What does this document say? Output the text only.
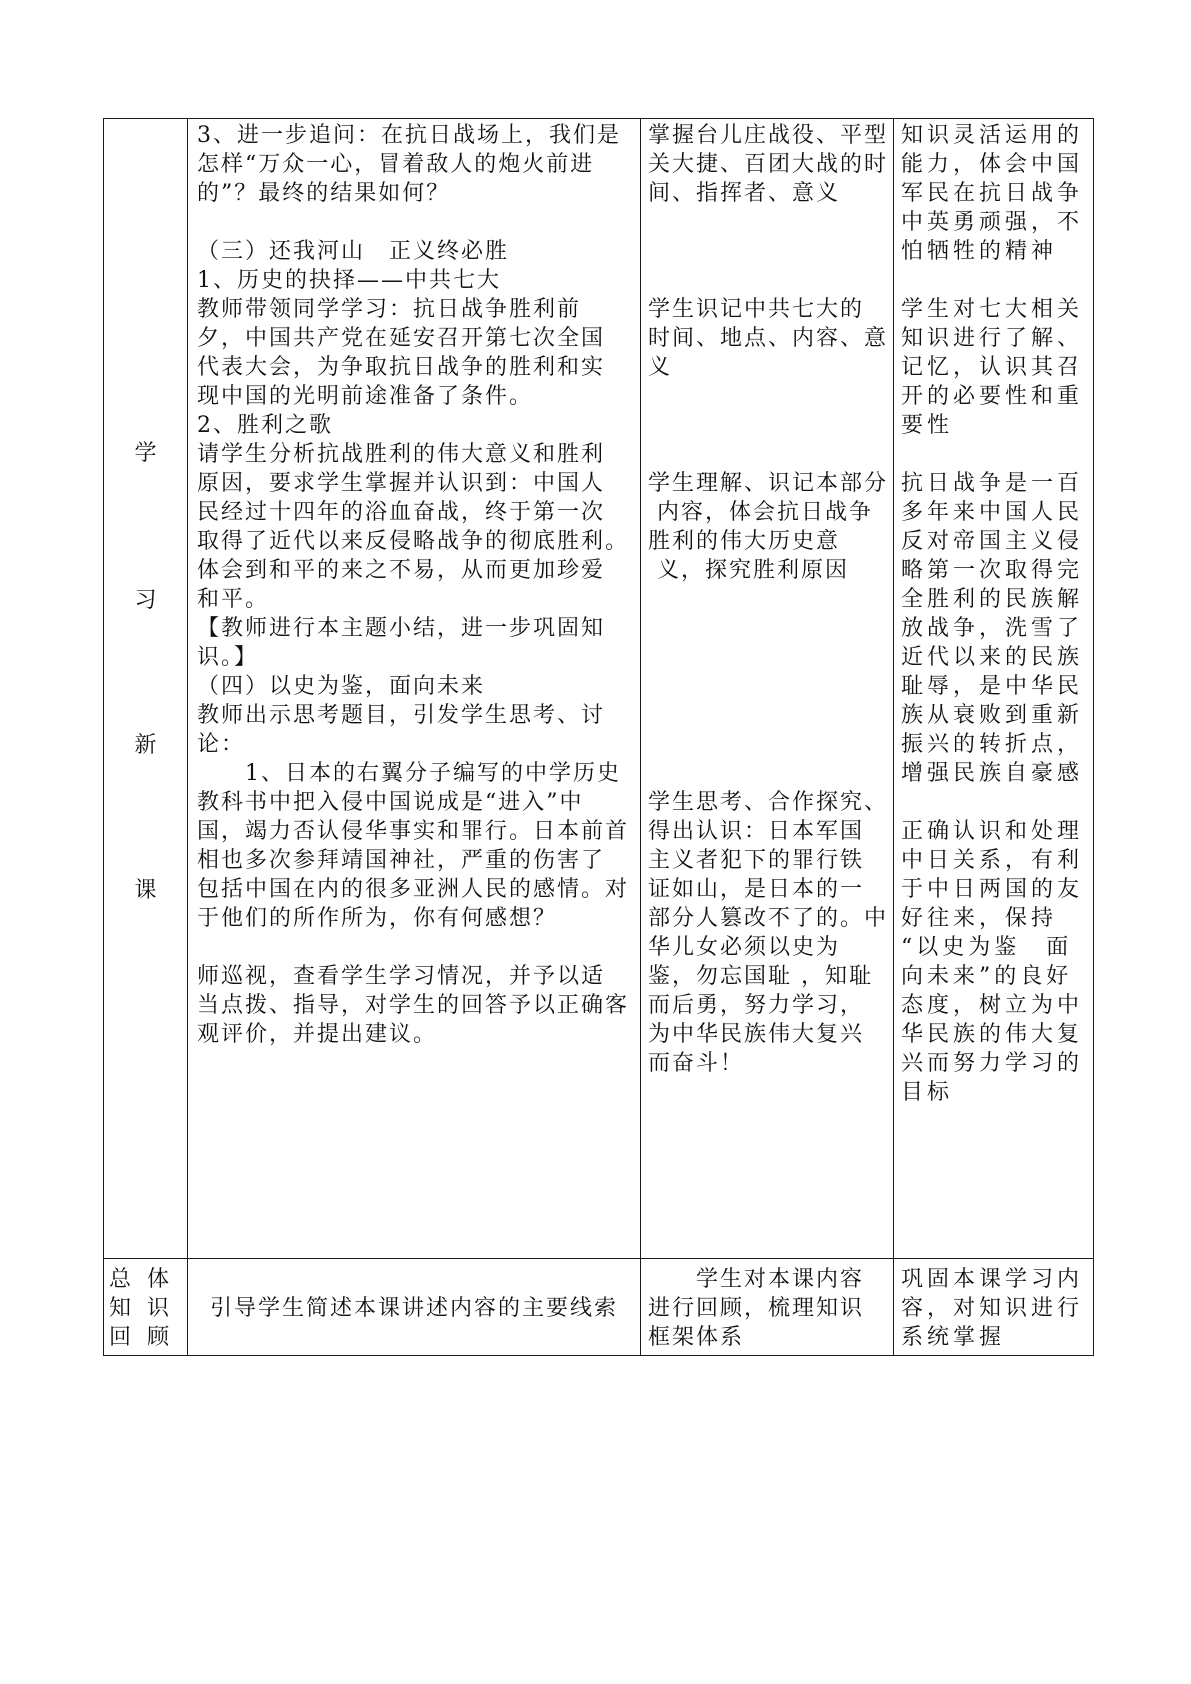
学
习
新
课
3、进一步追问：在抗日战场上，我们是
怎样“万众一心，冒着敌人的炮火前进
的”？最终的结果如何？
（三）还我河山　正义终必胜
1、历史的抉择——中共七大
教师带领同学学习：抗日战争胜利前
夕，中国共产党在延安召开第七次全国
代表大会，为争取抗日战争的胜利和实
现中国的光明前途准备了条件。
2、胜利之歌
请学生分析抗战胜利的伟大意义和胜利
原因，要求学生掌握并认识到：中国人
民经过十四年的浴血奋战，终于第一次
取得了近代以来反侵略战争的彻底胜利。
体会到和平的来之不易，从而更加珍爱
和平。
【教师进行本主题小结，进一步巩固知
识。】
（四）以史为鉴，面向未来
教师出示思考题目，引发学生思考、讨
论：
　　1、日本的右翼分子编写的中学历史
教科书中把入侵中国说成是“进入”中
国，竭力否认侵华事实和罪行。日本前首
相也多次参拜靖国神社，严重的伤害了
包括中国在内的很多亚洲人民的感情。对
于他们的所作所为，你有何感想？
师巡视，查看学生学习情况，并予以适
当点拨、指导，对学生的回答予以正确客
观评价，并提出建议。
掌握台儿庄战役、平型
关大捷、百团大战的时
间、指挥者、意义
学生识记中共七大的
时间、地点、内容、意
义
学生理解、识记本部分
内容，体会抗日战争
胜利的伟大历史意
义，探究胜利原因
学生思考、合作探究、
得出认识：日本军国
主义者犯下的罪行铁
证如山，是日本的一
部分人篡改不了的。中
华儿女必须以史为
鉴，勿忘国耻 ，知耻
而后勇，努力学习，
为中华民族伟大复兴
而奋斗！
知识灵活运用的
能力，体会中国
军民在抗日战争
中英勇顽强，不
怕牺牲的精神
学生对七大相关
知识进行了解、
记忆，认识其召
开的必要性和重
要性
抗日战争是一百
多年来中国人民
反对帝国主义侵
略第一次取得完
全胜利的民族解
放战争，洗雪了
近代以来的民族
耻辱，是中华民
族从衰败到重新
振兴的转折点，
增强民族自豪感
正确认识和处理
中日关系，有利
于中日两国的友
好往来，保持
“以史为鉴　面
向未来”的良好
态度，树立为中
华民族的伟大复
兴而努力学习的
目标
总 体
知 识
回 顾
引导学生简述本课讲述内容的主要线索
　　学生对本课内容
进行回顾，梳理知识
框架体系
巩固本课学习内
容，对知识进行
系统掌握
